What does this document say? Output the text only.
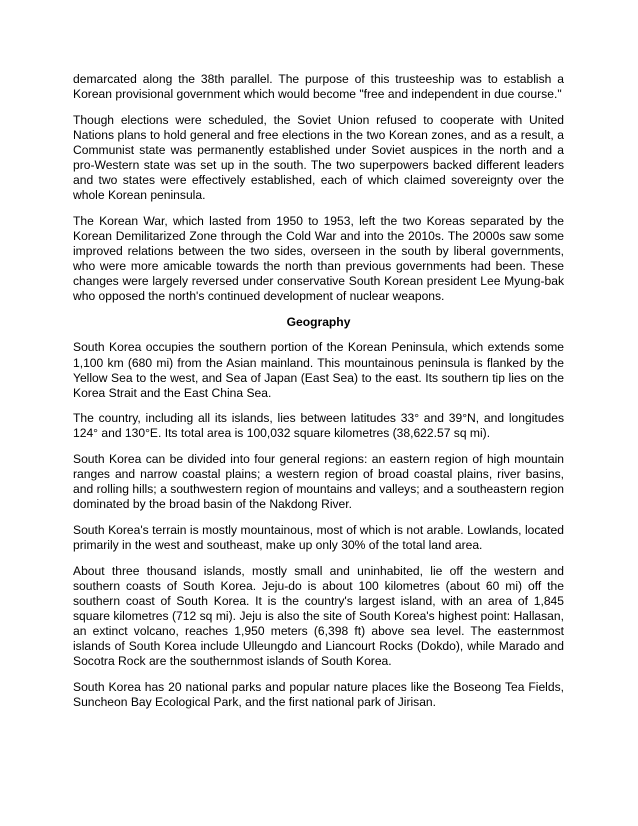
demarcated along the 38th parallel. The purpose of this trusteeship was to establish a Korean provisional government which would become "free and independent in due course."

Though elections were scheduled, the Soviet Union refused to cooperate with United Nations plans to hold general and free elections in the two Korean zones, and as a result, a Communist state was permanently established under Soviet auspices in the north and a pro-Western state was set up in the south. The two superpowers backed different leaders and two states were effectively established, each of which claimed sovereignty over the whole Korean peninsula.

The Korean War, which lasted from 1950 to 1953, left the two Koreas separated by the Korean Demilitarized Zone through the Cold War and into the 2010s. The 2000s saw some improved relations between the two sides, overseen in the south by liberal governments, who were more amicable towards the north than previous governments had been. These changes were largely reversed under conservative South Korean president Lee Myung-bak who opposed the north's continued development of nuclear weapons.

Geography

South Korea occupies the southern portion of the Korean Peninsula, which extends some 1,100 km (680 mi) from the Asian mainland. This mountainous peninsula is flanked by the Yellow Sea to the west, and Sea of Japan (East Sea) to the east. Its southern tip lies on the Korea Strait and the East China Sea.

The country, including all its islands, lies between latitudes 33° and 39°N, and longitudes 124° and 130°E. Its total area is 100,032 square kilometres (38,622.57 sq mi).

South Korea can be divided into four general regions: an eastern region of high mountain ranges and narrow coastal plains; a western region of broad coastal plains, river basins, and rolling hills; a southwestern region of mountains and valleys; and a southeastern region dominated by the broad basin of the Nakdong River.

South Korea's terrain is mostly mountainous, most of which is not arable. Lowlands, located primarily in the west and southeast, make up only 30% of the total land area.

About three thousand islands, mostly small and uninhabited, lie off the western and southern coasts of South Korea. Jeju-do is about 100 kilometres (about 60 mi) off the southern coast of South Korea. It is the country's largest island, with an area of 1,845 square kilometres (712 sq mi). Jeju is also the site of South Korea's highest point: Hallasan, an extinct volcano, reaches 1,950 meters (6,398 ft) above sea level. The easternmost islands of South Korea include Ulleungdo and Liancourt Rocks (Dokdo), while Marado and Socotra Rock are the southernmost islands of South Korea.

South Korea has 20 national parks and popular nature places like the Boseong Tea Fields, Suncheon Bay Ecological Park, and the first national park of Jirisan.
